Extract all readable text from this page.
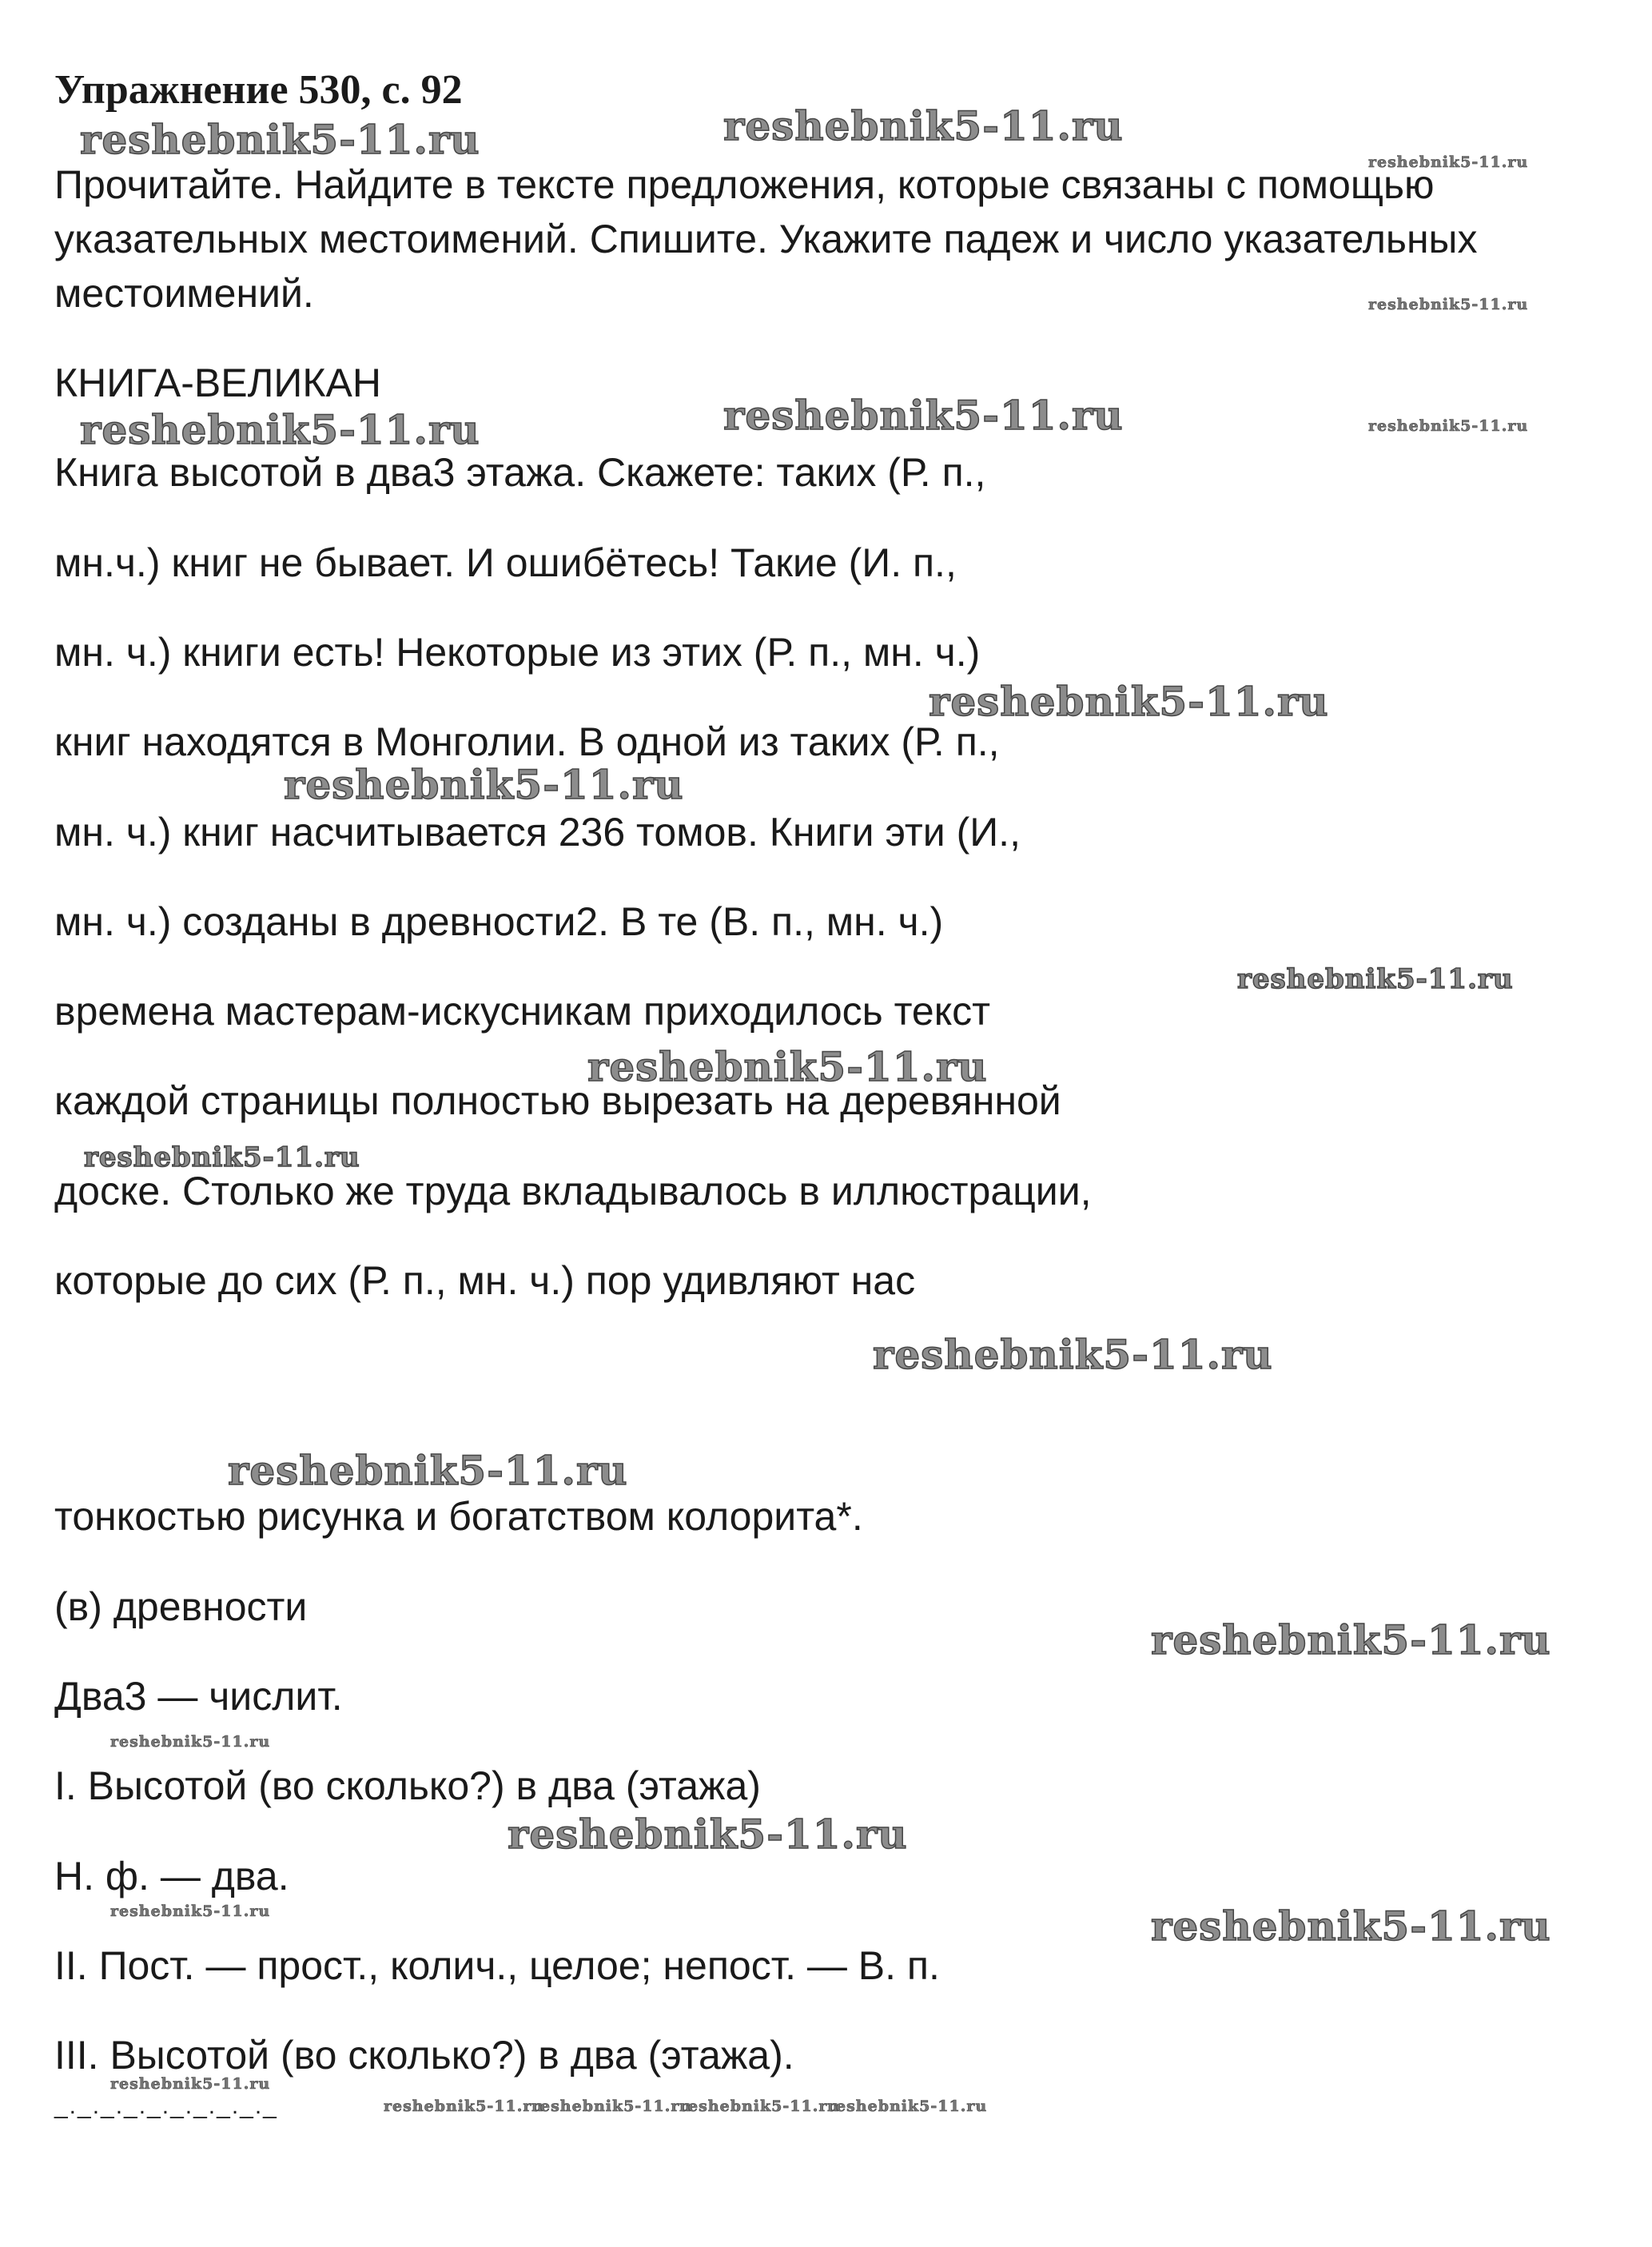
Упражнение 530, с. 92

Прочитайте. Найдите в тексте предложения, которые связаны с помощью

указательных местоимений. Спишите. Укажите падеж и число указательных

местоимений.

КНИГА-ВЕЛИКАН

Книга высотой в два3 этажа. Скажете: таких (Р. п.,

мн.ч.) книг не бывает. И ошибётесь! Такие (И. п.,

мн. ч.) книги есть! Некоторые из этих (Р. п., мн. ч.)

книг находятся в Монголии. В одной из таких (Р. п.,

мн. ч.) книг насчитывается 236 томов. Книги эти (И.,

мн. ч.) созданы в древности2. В те (В. п., мн. ч.)

времена мастерам-искусникам приходилось текст

каждой страницы полностью вырезать на деревянной

доске. Столько же труда вкладывалось в иллюстрации,

которые до сих (Р. п., мн. ч.) пор удивляют нас

тонкостью рисунка и богатством колорита*.

(в) древности

Два3 — числит.

I. Высотой (во сколько?) в два (этажа)

Н. ф. — два.

II. Пост. — прост., колич., целое; непост. — В. п.

III. Высотой (во сколько?) в два (этажа).

_._._._._._._._._._
reshebnik5-11.ru	reshebnik5-11.ru
reshebnik5-11.ru
reshebnik5-11.ru
reshebnik5-11.ru	reshebnik5-11.ru	reshebnik5-11.ru
reshebnik5-11.ru
reshebnik5-11.ru
reshebnik5-11.ru
reshebnik5-11.ru
reshebnik5-11.ru
reshebnik5-11.ru
reshebnik5-11.ru
reshebnik5-11.ru
reshebnik5-11.ru
reshebnik5-11.ru
reshebnik5-11.ru	reshebnik5-11.ru
reshebnik5-11.ru
reshebnik5-11.ru
reshebnik5-11.ru
reshebnik5-11.ru
reshebnik5-11.ru
